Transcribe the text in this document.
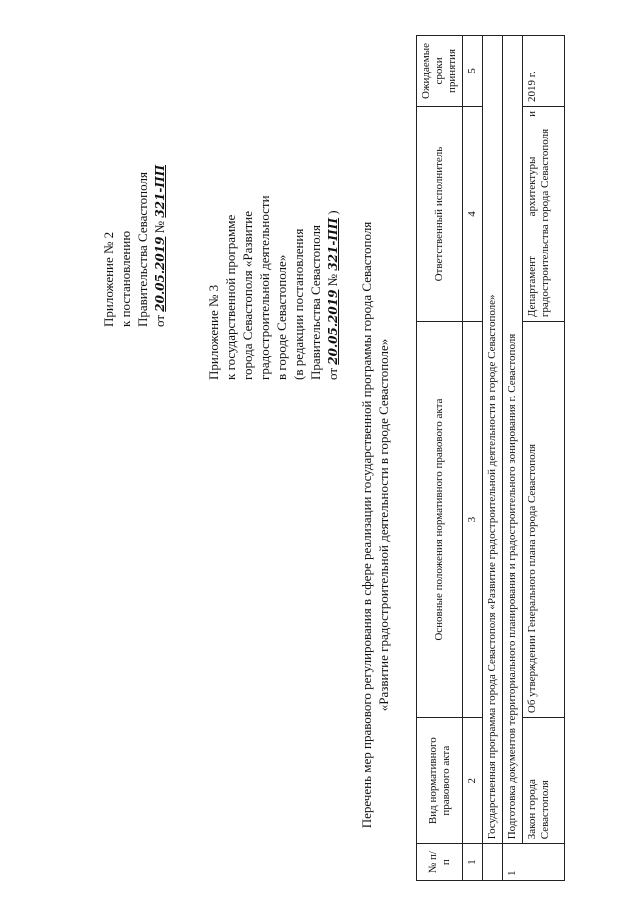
Приложение № 2 к постановлению Правительства Севастополя от 20.05.2019 № 321-ПП
Приложение № 3 к государственной программе города Севастополя «Развитие градостроительной деятельности в городе Севастополе» (в редакции постановления Правительства Севастополя от 20.05.2019 № 321-ПП )
Перечень мер правового регулирования в сфере реализации государственной программы города Севастополя «Развитие градостроительной деятельности в городе Севастополе»
№ п/п	Вид нормативного правового акта	Основные положения нормативного правового акта	Ответственный исполнитель	Ожидаемые сроки принятия
1	2	3	4	5
	Государственная программа города Севастополя «Развитие градостроительной деятельности в городе Севастополе»			
1	Подготовка документов территориального планирования и градостроительного зонирования г. Севастополя			
	Закон города Севастополя	Об утверждении Генерального плана города Севастополя	Департамент архитектуры и градостроительства города Севастополя	2019 г.
